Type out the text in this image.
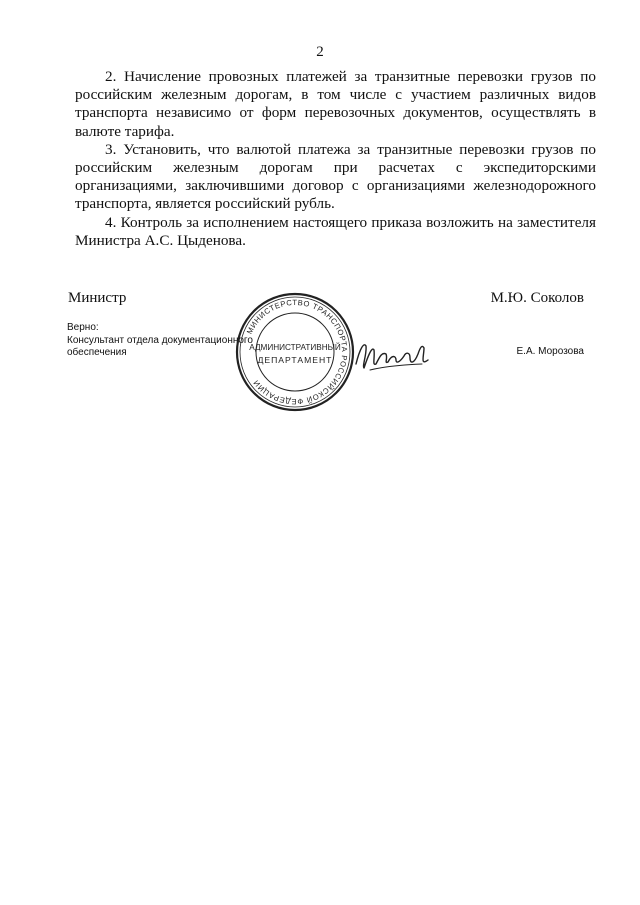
2

2. Начисление провозных платежей за транзитные перевозки грузов по российским железным дорогам, в том числе с участием различных видов транспорта независимо от форм перевозочных документов, осуществлять в валюте тарифа.

3. Установить, что валютой платежа за транзитные перевозки грузов по российским железным дорогам при расчетах с экспедиторскими организациями, заключившими договор с организациями железнодорожного транспорта, является российский рубль.

4. Контроль за исполнением настоящего приказа возложить на заместителя Министра А.С. Цыденова.

Министр	М.Ю. Соколов
Верно:
Консультант отдела документационного
обеспечения	Е.А. Морозова
МИНИСТЕРСТВО ТРАНСПОРТА РОССИЙСКОЙ ФЕДЕРАЦИИ
АДМИНИСТРАТИВНЫЙ
ДЕПАРТАМЕНТ
